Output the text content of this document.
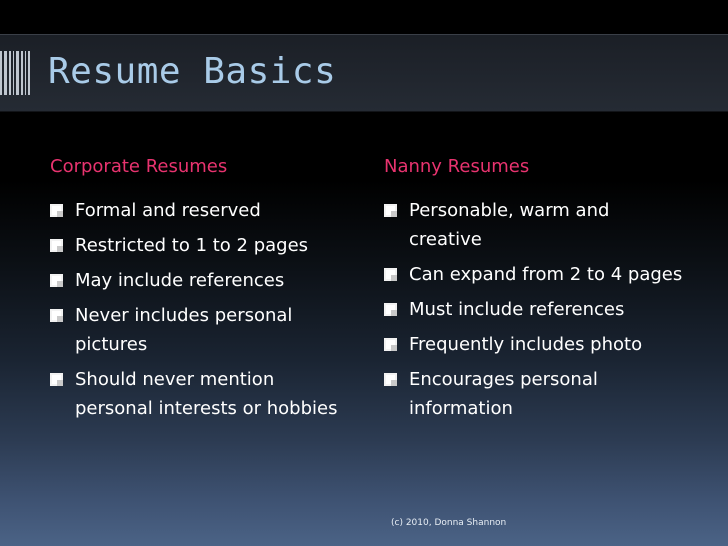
Resume Basics
Corporate Resumes
Formal and reserved
Restricted to 1 to 2 pages
May include references
Never includes personal pictures
Should never mention personal interests or hobbies
Nanny Resumes
Personable, warm and creative
Can expand from 2 to 4 pages
Must include references
Frequently includes photo
Encourages personal information
(c) 2010, Donna Shannon
